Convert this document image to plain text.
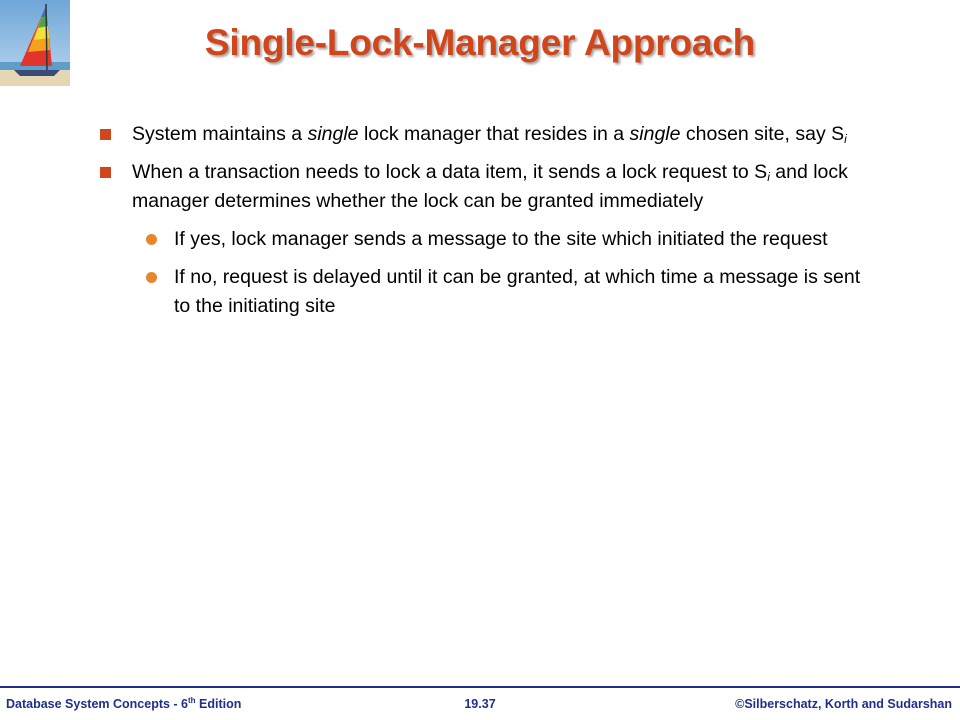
Single-Lock-Manager Approach
System maintains a single lock manager that resides in a single chosen site, say $S_i$
When a transaction needs to lock a data item, it sends a lock request to $S_i$ and lock manager determines whether the lock can be granted immediately
If yes, lock manager sends a message to the site which initiated the request
If no, request is delayed until it can be granted, at which time a message is sent to the initiating site
Database System Concepts - 6th Edition	19.37	©Silberschatz, Korth and Sudarshan
